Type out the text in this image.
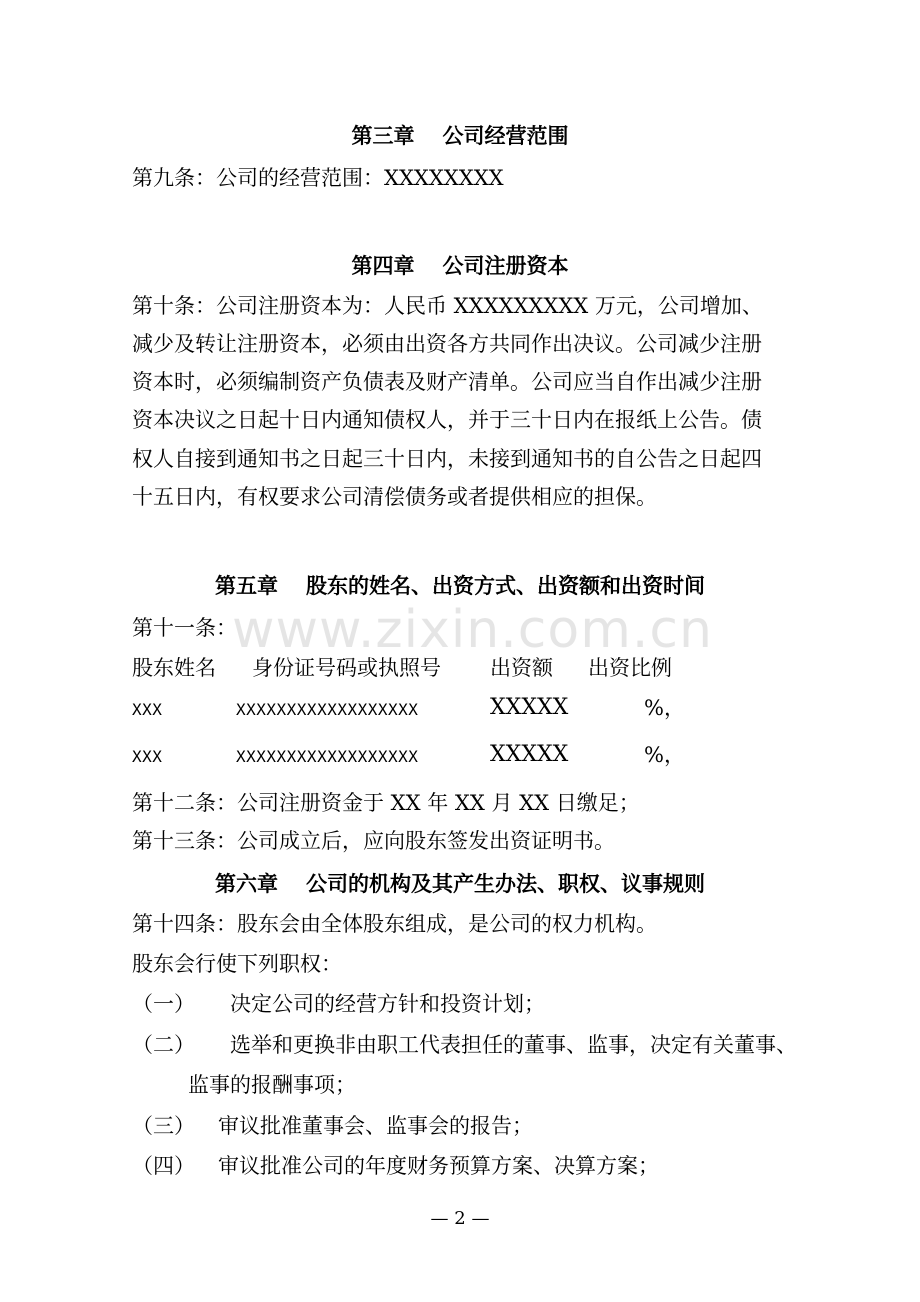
www.zixin.com.cn
第三章 公司经营范围
第九条：公司的经营范围：XXXXXXXX
第四章 公司注册资本
第十条：公司注册资本为：人民币 XXXXXXXXX 万元，公司增加、
减少及转让注册资本，必须由出资各方共同作出决议。公司减少注册
资本时，必须编制资产负债表及财产清单。公司应当自作出减少注册
资本决议之日起十日内通知债权人，并于三十日内在报纸上公告。债
权人自接到通知书之日起三十日内，未接到通知书的自公告之日起四
十五日内，有权要求公司清偿债务或者提供相应的担保。
第五章 股东的姓名、出资方式、出资额和出资时间
第十一条：
股东姓名 身份证号码或执照号 出资额 出资比例
XXX	XXXXXXXXXXXXXXXXXX	XXXXX	%，
XXX	XXXXXXXXXXXXXXXXXX	XXXXX	%，
第十二条：公司注册资金于 XX 年 XX 月 XX 日缴足；
第十三条：公司成立后，应向股东签发出资证明书。
第六章 公司的机构及其产生办法、职权、议事规则
第十四条：股东会由全体股东组成，是公司的权力机构。
股东会行使下列职权：
（一） 决定公司的经营方针和投资计划；
（二） 选举和更换非由职工代表担任的董事、监事，决定有关董事、
监事的报酬事项；
（三） 审议批准董事会、监事会的报告；
（四） 审议批准公司的年度财务预算方案、决算方案；
— 2 —
